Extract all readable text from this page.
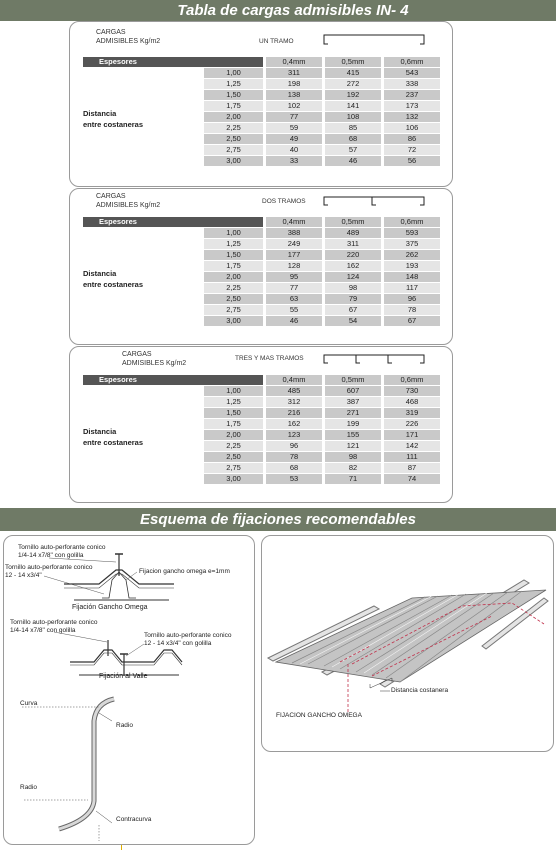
Tabla de cargas admisibles IN- 4
CARGAS
ADMISIBLES Kg/m2	UN TRAMO
Espesores	0,4mm	0,5mm	0,6mm
1,00	311	415	543
1,25	198	272	338
1,50	138	192	237
1,75	102	141	173
2,00	77	108	132
2,25	59	85	106
2,50	49	68	86
2,75	40	57	72
3,00	33	46	56
Distancia
entre costaneras
CARGAS
ADMISIBLES Kg/m2
DOS TRAMOS
Espesores	0,4mm	0,5mm	0,6mm
1,00	388	489	593
1,25	249	311	375
1,50	177	220	262
1,75	128	162	193
2,00	95	124	148
2,25	77	98	117
2,50	63	79	96
2,75	55	67	78
3,00	46	54	67
Distancia
entre costaneras
CARGAS
ADMISIBLES Kg/m2
TRES Y MAS TRAMOS
Espesores	0,4mm	0,5mm	0,6mm
1,00	485	607	730
1,25	312	387	468
1,50	216	271	319
1,75	162	199	226
2,00	123	155	171
2,25	96	121	142
2,50	78	98	111
2,75	68	82	87
3,00	53	71	74
Distancia
entre costaneras
Esquema de fijaciones recomendables
Tornillo auto-perforante conico
1/4-14 x7/8" con golilla
Tornillo auto-perforante conico
12 - 14 x3/4"
Fijacion gancho omega e=1mm
Fijación Gancho Omega
Tornillo auto-perforante conico
1/4-14 x7/8" con golilla
Tornillo auto-perforante conico
12 - 14 x3/4" con golilla
Fijación al Valle
Curva
Radio
Radio
Contracurva
Distancia costanera
FIJACION GANCHO OMEGA
